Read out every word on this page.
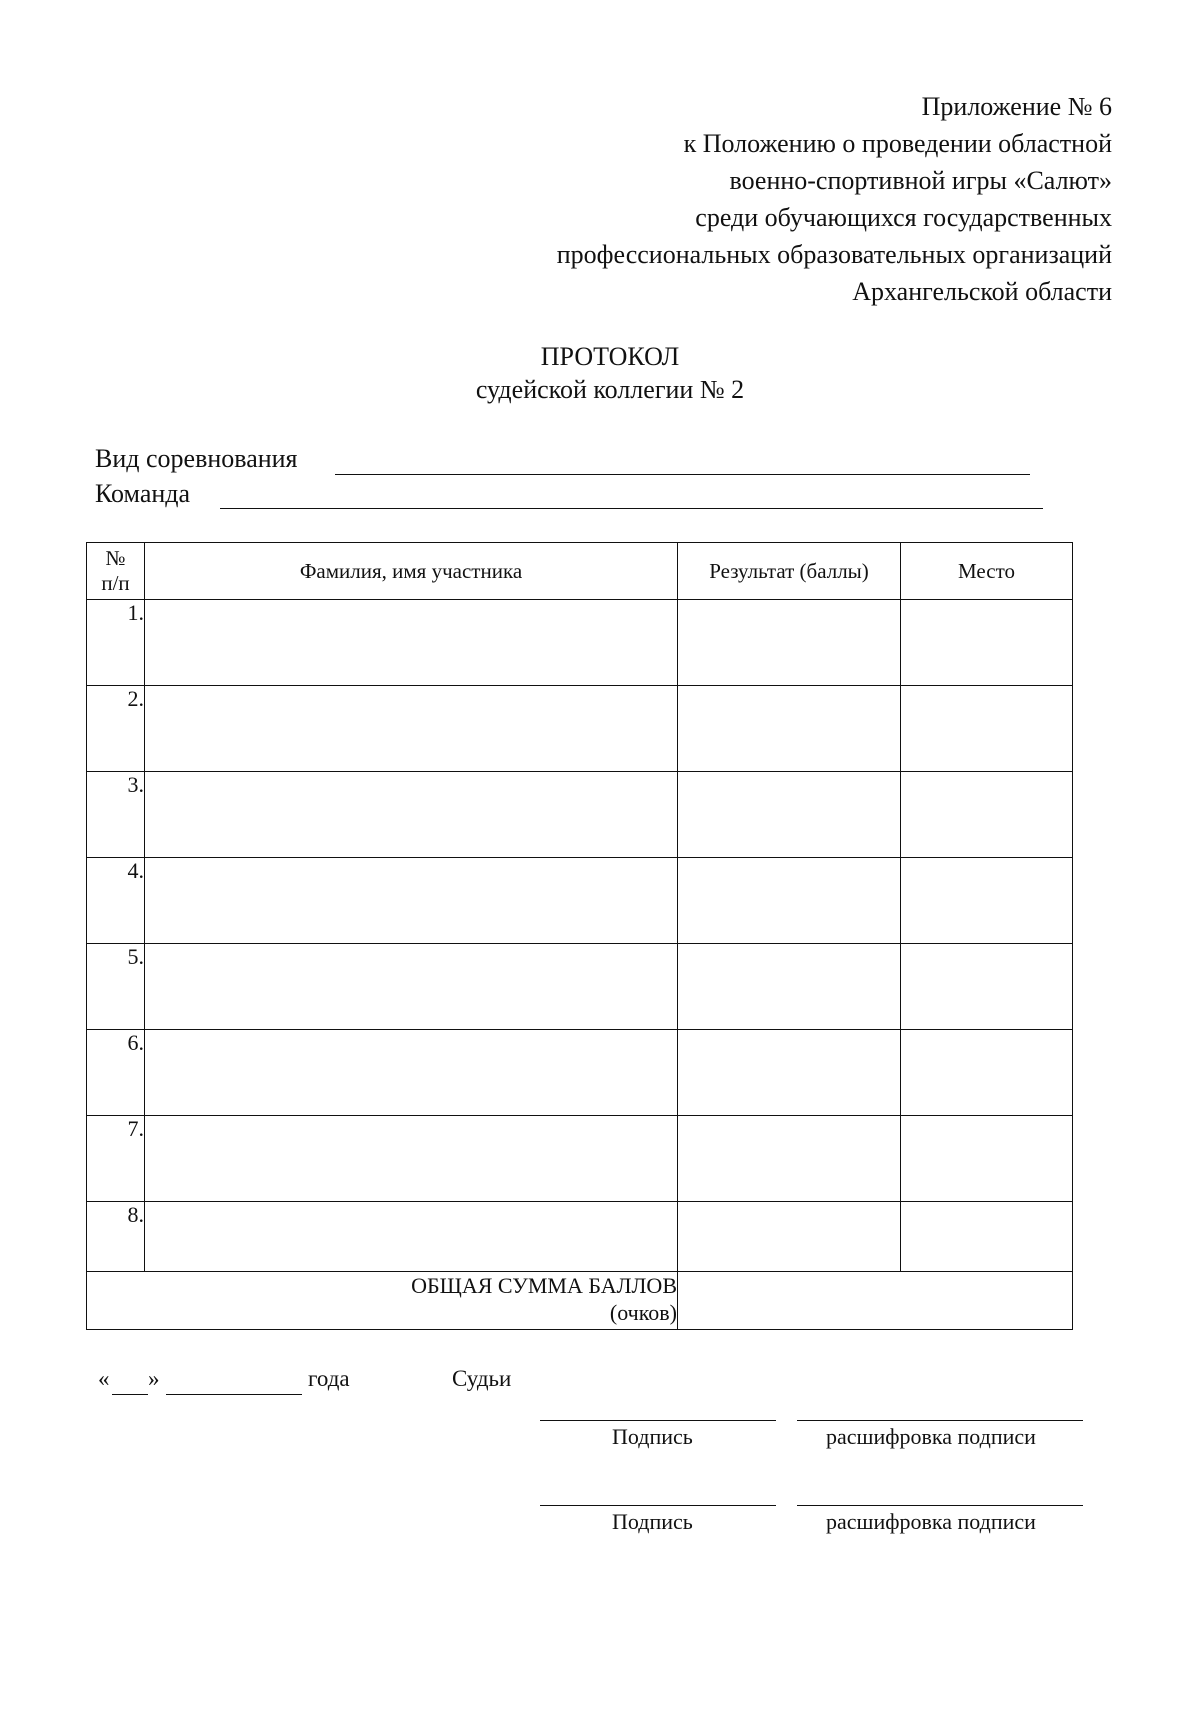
Приложение № 6
к Положению о проведении областной
военно-спортивной игры «Салют»
среди обучающихся государственных
профессиональных образовательных организаций
Архангельской области
ПРОТОКОЛ
судейской коллегии № 2
Вид соревнования
Команда
№
п/п	Фамилия, имя участника	Результат (баллы)	Место
1.			
2.			
3.			
4.			
5.			
6.			
7.			
8.			

ОБЩАЯ СУММА БАЛЛОВ
(очков)			

« »	года	Судьи
Подпись	расшифровка подписи
Подпись	расшифровка подписи
